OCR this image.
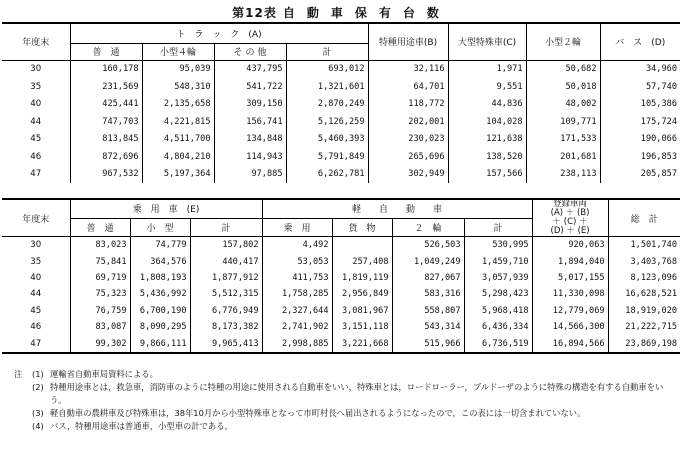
第12表 自動車保有台数
年度末	ト　ラ　ッ　ク　(A)				特種用途車(B)	大型特殊車(C)	小型２輪	バ　ス　(D)
	普　通	小型４輪	そ の 他	計				
30	160,178	95,039	437,795	693,012	32,116	1,971	50,682	34,960
35	231,569	548,310	541,722	1,321,601	64,701	9,551	50,018	57,740
40	425,441	2,135,658	309,150	2,870,249	118,772	44,836	48,002	105,386
44	747,703	4,221,815	156,741	5,126,259	202,001	104,028	109,771	175,724
45	813,845	4,511,700	134,848	5,460,393	230,023	121,638	171,533	190,066
46	872,696	4,804,210	114,943	5,791,849	265,696	138,520	201,681	196,853
47	967,532	5,197,364	97,885	6,262,781	302,949	157,566	238,113	205,857
年度末	乗　用　車　(E)			軽　　自　　動　　車				登録車両
(A) ＋ (B)
＋ (C) ＋
(D) ＋ (E)	総　計
	普　通	小　型	計	乗　用	貨　物	２　輪	計		
30	83,023	74,779	157,802	4,492		526,503	530,995	920,063	1,501,740
35	75,841	364,576	440,417	53,053	257,408	1,049,249	1,459,710	1,894,040	3,403,768
40	69,719	1,808,193	1,877,912	411,753	1,819,119	827,067	3,057,939	5,017,155	8,123,096
44	75,323	5,436,992	5,512,315	1,758,285	2,956,849	583,316	5,298,423	11,330,098	16,628,521
45	76,759	6,700,190	6,776,949	2,327,644	3,081,967	558,807	5,968,418	12,779,069	18,919,020
46	83,087	8,090,295	8,173,382	2,741,902	3,151,118	543,314	6,436,334	14,566,300	21,222,715
47	99,302	9,866,111	9,965,413	2,998,885	3,221,668	515,966	6,736,519	16,894,566	23,869,198
注	(1) 運輸省自動車局資料による。
(2) 特種用途車とは，救急車，消防車のように特種の用途に使用される自動車をいい，特殊車とは，ロードローラー，ブルドーザのように特殊の構造を有する自動車をいう。
(3) 軽自動車の農耕車及び特殊車は，38年10月から小型特殊車となって市町村長へ届出されるようになったので，この表には一切含まれていない。
(4) バス，特種用途車は普通車，小型車の計である。
